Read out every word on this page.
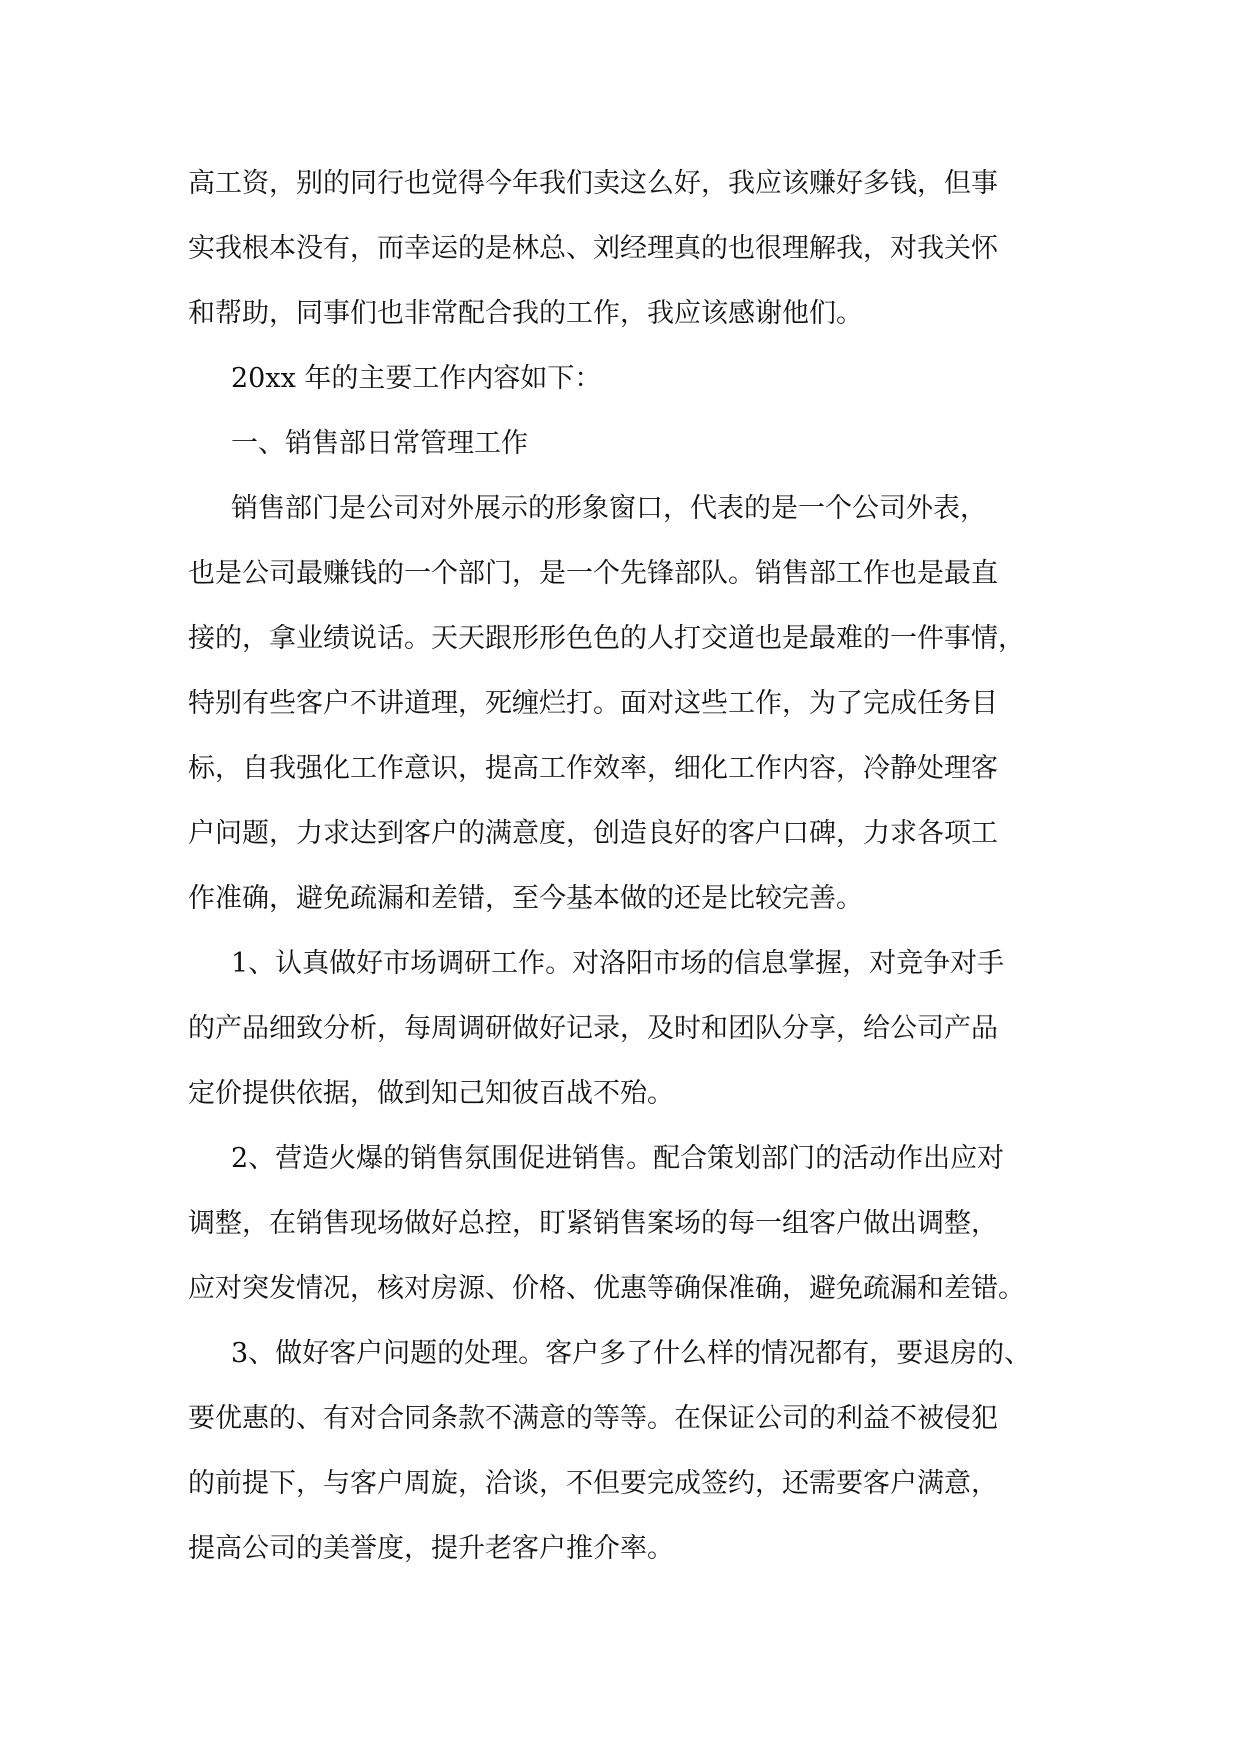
高工资，别的同行也觉得今年我们卖这么好，我应该赚好多钱，但事
实我根本没有，而幸运的是林总、刘经理真的也很理解我，对我关怀
和帮助，同事们也非常配合我的工作，我应该感谢他们。
20xx 年的主要工作内容如下：
一、销售部日常管理工作
销售部门是公司对外展示的形象窗口，代表的是一个公司外表，
也是公司最赚钱的一个部门，是一个先锋部队。销售部工作也是最直
接的，拿业绩说话。天天跟形形色色的人打交道也是最难的一件事情，
特别有些客户不讲道理，死缠烂打。面对这些工作，为了完成任务目
标，自我强化工作意识，提高工作效率，细化工作内容，冷静处理客
户问题，力求达到客户的满意度，创造良好的客户口碑，力求各项工
作准确，避免疏漏和差错，至今基本做的还是比较完善。
1、认真做好市场调研工作。对洛阳市场的信息掌握，对竞争对手
的产品细致分析，每周调研做好记录，及时和团队分享，给公司产品
定价提供依据，做到知己知彼百战不殆。
2、营造火爆的销售氛围促进销售。配合策划部门的活动作出应对
调整，在销售现场做好总控，盯紧销售案场的每一组客户做出调整，
应对突发情况，核对房源、价格、优惠等确保准确，避免疏漏和差错。
3、做好客户问题的处理。客户多了什么样的情况都有，要退房的、
要优惠的、有对合同条款不满意的等等。在保证公司的利益不被侵犯
的前提下，与客户周旋，洽谈，不但要完成签约，还需要客户满意，
提高公司的美誉度，提升老客户推介率。
